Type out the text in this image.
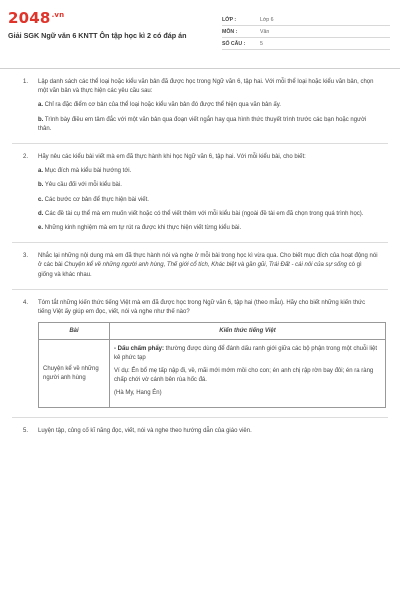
$2048^{.vn}$
Giải SGK Ngữ văn 6 KNTT Ôn tập học kì 2 có đáp án
LỚP :	Lớp 6
MÔN :	Văn
SỐ CÂU :	5
1. Lập danh sách các thể loại hoặc kiểu văn bản đã được học trong Ngữ văn 6, tập hai. Với mỗi thể loại hoặc kiểu văn bản, chọn một văn bản và thực hiện các yêu cầu sau:

a. Chỉ ra đặc điểm cơ bản của thể loại hoặc kiểu văn bản đó được thể hiện qua văn bản ấy.

b. Trình bày điều em tâm đắc với một văn bản qua đoạn viết ngắn hay qua hình thức thuyết trình trước các bạn hoặc người thân.

2. Hãy nêu các kiểu bài viết mà em đã thực hành khi học Ngữ văn 6, tập hai. Với mỗi kiểu bài, cho biết:

a. Mục đích mà kiểu bài hướng tới.

b. Yêu cầu đối với mỗi kiểu bài.

c. Các bước cơ bản để thực hiện bài viết.

d. Các đề tài cụ thể mà em muốn viết hoặc có thể viết thêm với mỗi kiểu bài (ngoài đề tài em đã chọn trong quá trình học).

e. Những kinh nghiệm mà em tự rút ra được khi thực hiện viết từng kiểu bài.

3. Nhắc lại những nội dung mà em đã thực hành nói và nghe ở mỗi bài trong học kì vừa qua. Cho biết mục đích của hoạt động nói ở các bài Chuyện kể về những người anh hùng, Thế giới cổ tích, Khác biệt và gần gũi, Trái Đất - cái nôi của sự sống có gì giống và khác nhau.

4. Tóm tắt những kiến thức tiếng Việt mà em đã được học trong Ngữ văn 6, tập hai (theo mẫu). Hãy cho biết những kiến thức tiếng Việt ấy giúp em đọc, viết, nói và nghe như thế nào?

Bài	Kiến thức tiếng Việt
Chuyện kể về những người anh hùng	- Dấu chấm phẩy: thường được dùng để đánh dấu ranh giới giữa các bộ phận trong một chuỗi liệt kê phức tạp

Ví dụ: Ến bổ mẹ tấp nập đi, về, mãi mới mớm mồi cho con; én anh chị rập rờn bay đôi; én ra ràng chấp chới vờ cánh bên rùa hốc đá.

(Hà My, Hang Én)

5. Luyện tập, củng cố kĩ năng đọc, viết, nói và nghe theo hướng dẫn của giáo viên.
